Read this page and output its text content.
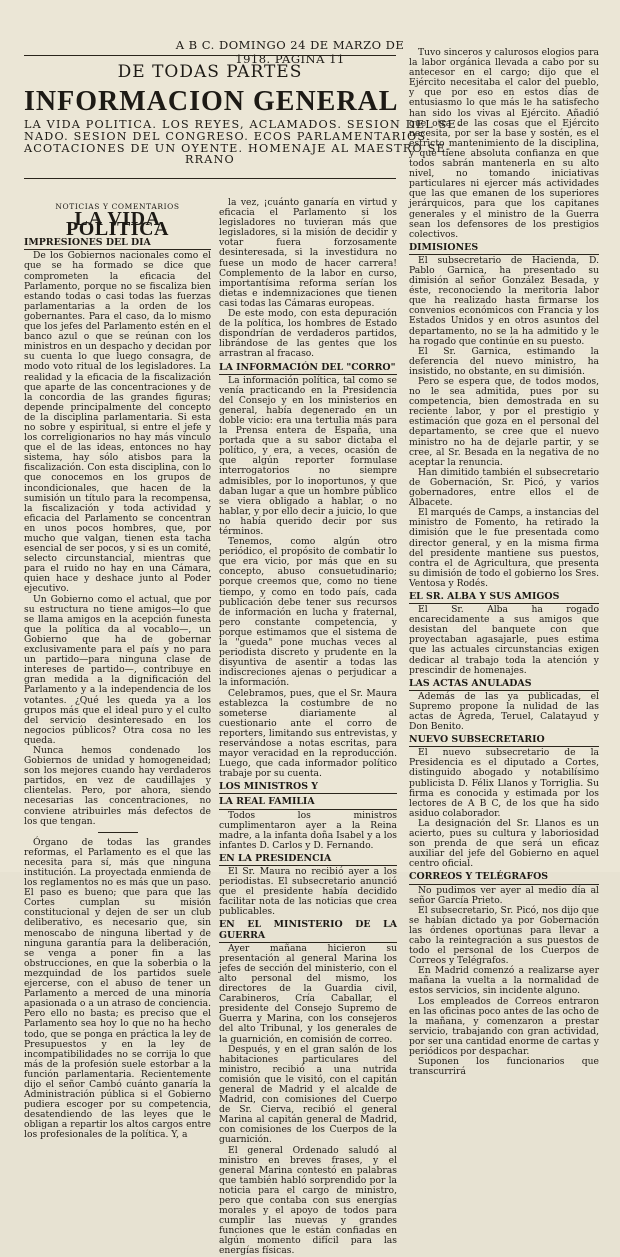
A B C. DOMINGO 24 DE MARZO DE 1918. PAGINA 11
DE TODAS PARTES
INFORMACION GENERAL
LA VIDA POLITICA. LOS REYES, ACLAMADOS. SESION DEL SE-
NADO. SESION DEL CONGRESO. ECOS PARLAMENTARIOS.
ACOTACIONES DE UN OYENTE. HOMENAJE AL MAESTRO SE-
RRANO
NOTICIAS Y COMENTARIOS
LA VIDA POLITICA
IMPRESIONES DEL DIA

De los Gobiernos nacionales como el que se ha formado se dice que comprometen la eficacia del Parlamento, porque no se fiscaliza bien estando todas o casi todas las fuerzas parlamentarias a la orden de los gobernantes. Para el caso, da lo mismo que los jefes del Parlamento estén en el banco azul o que se reúnan con los ministros en un despacho y decidan por su cuenta lo que luego consagra, de modo voto ritual de los legisladores. La realidad y la eficacia de la fiscalización que aparte de las concentraciones y de la concordia de las grandes figuras; depende principalmente del concepto de la disciplina parlamentaria. Si esta no sobre y espiritual, si entre el jefe y los correligionarios no hay más vínculo que el de las ideas, entonces no hay sistema, hay sólo atisbos para la fiscalización. Con esta disciplina, con lo que conocemos en los grupos de incondicionales, que hacen de la sumisión un título para la recompensa, la fiscalización y toda actividad y eficacia del Parlamento se concentran en unos pocos hombres, que, por mucho que valgan, tienen esta tacha esencial de ser pocos, y si es un comité, selecto circunstancial, mientras que para el ruido no hay en una Cámara, quien hace y deshace junto al Poder ejecutivo.

Un Gobierno como el actual, que por su estructura no tiene amigos—lo que se llama amigos en la acepción funesta que la política da al vocablo—, un Gobierno que ha de gobernar exclusivamente para el país y no para un partido—para ninguna clase de intereses de partido—, contribuye en gran medida a la dignificación del Parlamento y a la independencia de los votantes. ¿Qué les queda ya a los grupos más que el ideal puro y el culto del servicio desinteresado en los negocios públicos? Otra cosa no les queda.

Nunca hemos condenado los Gobiernos de unidad y homogeneidad; son los mejores cuando hay verdaderos partidos, en vez de caudillajes y clientelas. Pero, por ahora, siendo necesarias las concentraciones, no conviene atribuirles más defectos de los que tengan.

Órgano de todas las grandes reformas, el Parlamento es el que las necesita para sí, más que ninguna institución. La proyectada enmienda de los reglamentos no es más que un paso. El paso es bueno; que para que las Cortes cumplan su misión constitucional y dejen de ser un club deliberativo, es necesario que, sin menoscabo de ninguna libertad y de ninguna garantía para la deliberación, se venga a poner fin a las obstrucciones, en que la soberbia o la mezquindad de los partidos suele ejercerse, con el abuso de tener un Parlamento a merced de una minoría apasionada o a un atraso de conciencia. Pero ello no basta; es preciso que el Parlamento sea hoy lo que no ha hecho todo, que se ponga en práctica la ley de Presupuestos y en la ley de incompatibilidades no se corrija lo que más de la profesión suele estorbar a la función parlamentaria. Recientemente dijo el señor Cambó cuánto ganaría la Administración pública si el Gobierno pudiera escoger por su competencia, desatendiendo de las leyes que le obligan a repartir los altos cargos entre los profesionales de la política. Y, a

la vez, ¡cuánto ganaría en virtud y eficacia el Parlamento si los legisladores no tuvieran más que legisladores, si la misión de decidir y votar fuera forzosamente desinteresada, si la investidura no fuese un modo de hacer carrera! Complemento de la labor en curso, importantísima reforma serían los dietas e indemnizaciones que tienen casi todas las Cámaras europeas.

De este modo, con esta depuración de la política, los hombres de Estado dispondrían de verdaderos partidos, librándose de las gentes que los arrastran al fracaso.

LA INFORMACIÓN DEL "CORRO"

La información política, tal como se venía practicando en la Presidencia del Consejo y en los ministerios en general, había degenerado en un doble vicio: era una tertulia más para la Prensa entera de España, una portada que a su sabor dictaba el político, y era, a veces, ocasión de que algún reporter formulase interrogatorios no siempre admisibles, por lo inoportunos, y que daban lugar a que un hombre público se viera obligado a hablar, o no hablar, y por ello decir a juicio, lo que no había querido decir por sus términos.

Tenemos, como algún otro periódico, el propósito de combatir lo que era vicio, por más que en su concepto, abuso consuetudinario; porque creemos que, como no tiene tiempo, y como en todo país, cada publicación debe tener sus recursos de información en lucha y fraternal, pero constante competencia, y porque estimamos que el sistema de la "gueda" pone muchas veces al periodista discreto y prudente en la disyuntiva de asentir a todas las indiscreciones ajenas o perjudicar a la información.

Celebramos, pues, que el Sr. Maura establezca la costumbre de no someterse diariamente al cuestionario ante el corro de reporters, limitando sus entrevistas, y reservándose a notas escritas, para mayor veracidad en la reproducción. Luego, que cada informador político trabaje por su cuenta.

LOS MINISTROS Y
LA REAL FAMILIA

Todos los ministros cumplimentaron ayer a la Reina madre, a la infanta doña Isabel y a los infantes D. Carlos y D. Fernando.

EN LA PRESIDENCIA

El Sr. Maura no recibió ayer a los periodistas. El subsecretario anunció que el presidente había decidido facilitar nota de las noticias que crea publicables.

EN EL MINISTERIO DE LA GUERRA

Ayer mañana hicieron su presentación al general Marina los jefes de sección del ministerio, con el alto personal del mismo, los directores de la Guardia civil, Carabineros, Cría Caballar, el presidente del Consejo Supremo de Guerra y Marina, con los consejeros del alto Tribunal, y los generales de la guarnición, en comisión de correo.

Después, y en el gran salón de los habitaciones particulares del ministro, recibió a una nutrida comisión que le visitó, con el capitán general de Madrid y el alcalde de Madrid, con comisiones del Cuerpo de Sr. Cierva, recibió el general Marina al capitán general de Madrid, con comisiones de los Cuerpos de la guarnición.

El general Ordenado saludó al ministro en breves frases, y el general Marina contestó en palabras que también habló sorprendido por la noticia para el cargo de ministro, pero que contaba con sus energías morales y el apoyo de todos para cumplir las nuevas y grandes funciones que le están confiadas en algún momento difícil para las energías físicas.

Tuvo sinceros y calurosos elogios para la labor orgánica llevada a cabo por su antecesor en el cargo; dijo que el Ejército necesitaba el calor del pueblo, y que por eso en estos días de entusiasmo lo que más le ha satisfecho han sido los vivas al Ejército. Añadió que otra de las cosas que el Ejército necesita, por ser la base y sostén, es el estricto mantenimiento de la disciplina, y que tiene absoluta confianza en que todos sabrán mantenerla en su alto nivel, no tomando iniciativas particulares ni ejercer más actividades que las que emanen de los superiores jerárquicos, para que los capitanes generales y el ministro de la Guerra sean los defensores de los prestigios colectivos.

DIMISIONES

El subsecretario de Hacienda, D. Pablo Garnica, ha presentado su dimisión al señor González Besada, y éste, reconociendo la meritoria labor que ha realizado hasta firmarse los convenios económicos con Francia y los Estados Unidos y en otros asuntos del departamento, no se la ha admitido y le ha rogado que continúe en su puesto.

El Sr. Garnica, estimando la deferencia del nuevo ministro, ha insistido, no obstante, en su dimisión.

Pero se espera que, de todos modos, no le sea admitida, pues por su competencia, bien demostrada en su reciente labor, y por el prestigio y estimación que goza en el personal del departamento, se cree que el nuevo ministro no ha de dejarle partir, y se cree, al Sr. Besada en la negativa de no aceptar la renuncia.

Han dimitido también el subsecretario de Gobernación, Sr. Picó, y varios gobernadores, entre ellos el de Albacete.

El marqués de Camps, a instancias del ministro de Fomento, ha retirado la dimisión que le fue presentada como director general, y en la misma firma del presidente mantiene sus puestos, contra el de Agricultura, que presenta su dimisión de todo el gobierno los Sres. Ventosa y Rodés.

EL SR. ALBA Y SUS AMIGOS

El Sr. Alba ha rogado encarecidamente a sus amigos que desistan del banquete con que proyectaban agasajarle, pues estima que las actuales circunstancias exigen dedicar al trabajo toda la atención y prescindir de homenajes.

LAS ACTAS ANULADAS

Además de las ya publicadas, el Supremo propone la nulidad de las actas de Agreda, Teruel, Calatayud y Don Benito.

NUEVO SUBSECRETARIO

El nuevo subsecretario de la Presidencia es el diputado a Cortes, distinguido abogado y notabilísimo publicista D. Félix Llanos y Torriglia. Su firma es conocida y estimada por los lectores de A B C, de los que ha sido asiduo colaborador.

La designación del Sr. Llanos es un acierto, pues su cultura y laboriosidad son prenda de que será un eficaz auxiliar del jefe del Gobierno en aquel centro oficial.

CORREOS Y TELÉGRAFOS

No pudimos ver ayer al medio día al señor García Prieto.

El subsecretario, Sr. Picó, nos dijo que se habían dictado ya por Gobernación las órdenes oportunas para llevar a cabo la reintegración a sus puestos de todo el personal de los Cuerpos de Correos y Telégrafos.

En Madrid comenzó a realizarse ayer mañana la vuelta a la normalidad de estos servicios, sin incidente alguno.

Los empleados de Correos entraron en las oficinas poco antes de las ocho de la mañana, y comenzaron a prestar servicio, trabajando con gran actividad, por ser una cantidad enorme de cartas y periódicos por despachar.

Suponen los funcionarios que transcurrirá
